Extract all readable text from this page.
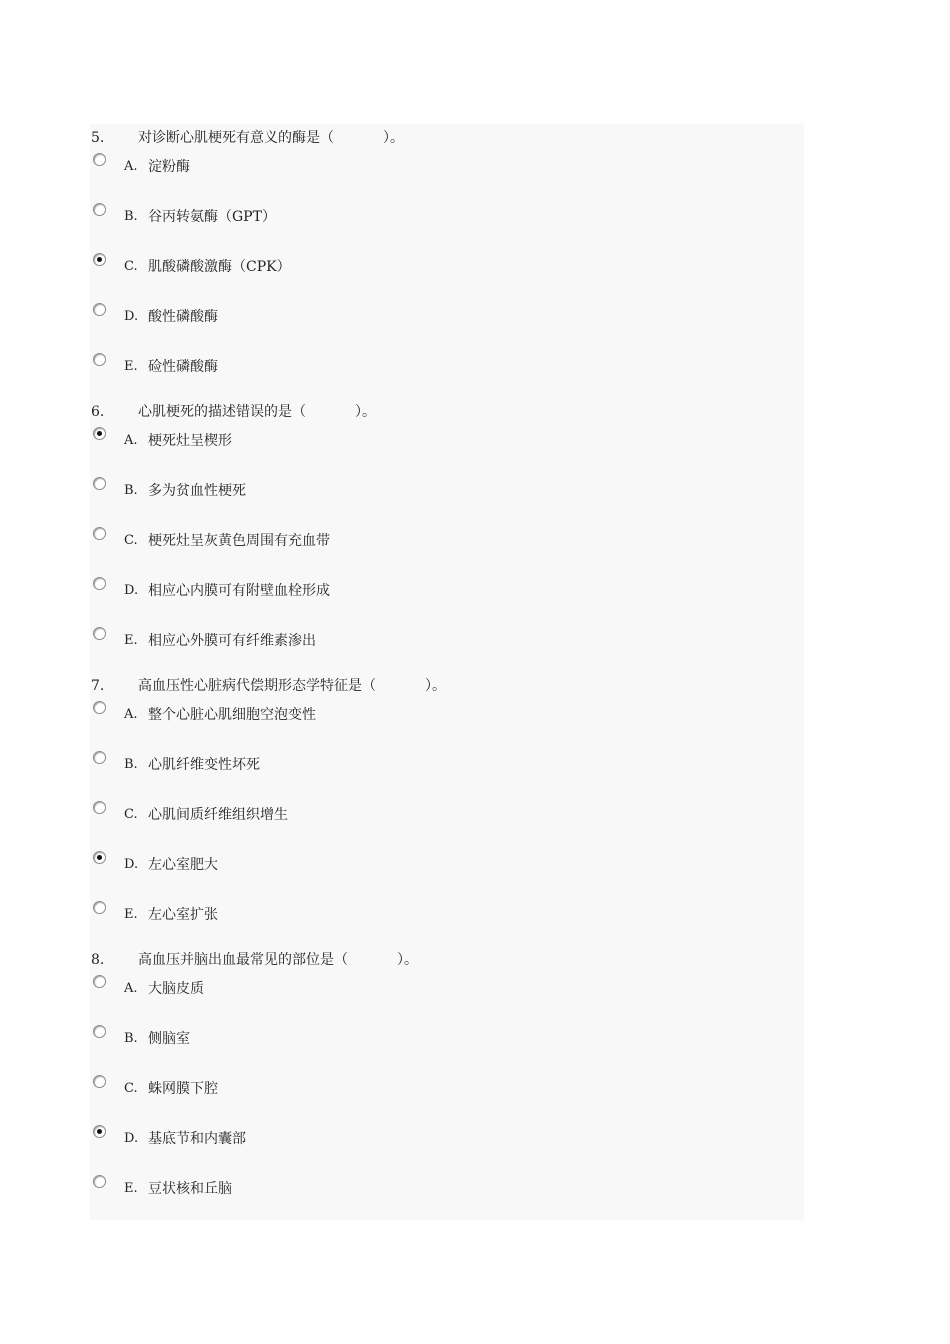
5.

对诊断心肌梗死有意义的酶是（           ）。

A. 淀粉酶
B. 谷丙转氨酶（GPT）
C. 肌酸磷酸激酶（CPK）
D. 酸性磷酸酶
E. 硷性磷酸酶

6.

心肌梗死的描述错误的是（           ）。

A. 梗死灶呈楔形
B. 多为贫血性梗死
C. 梗死灶呈灰黄色周围有充血带
D. 相应心内膜可有附壁血栓形成
E. 相应心外膜可有纤维素渗出

7.

高血压性心脏病代偿期形态学特征是（           ）。

A. 整个心脏心肌细胞空泡变性
B. 心肌纤维变性坏死
C. 心肌间质纤维组织增生
D. 左心室肥大
E. 左心室扩张

8.

高血压并脑出血最常见的部位是（           ）。

A. 大脑皮质
B. 侧脑室
C. 蛛网膜下腔
D. 基底节和内囊部
E. 豆状核和丘脑
